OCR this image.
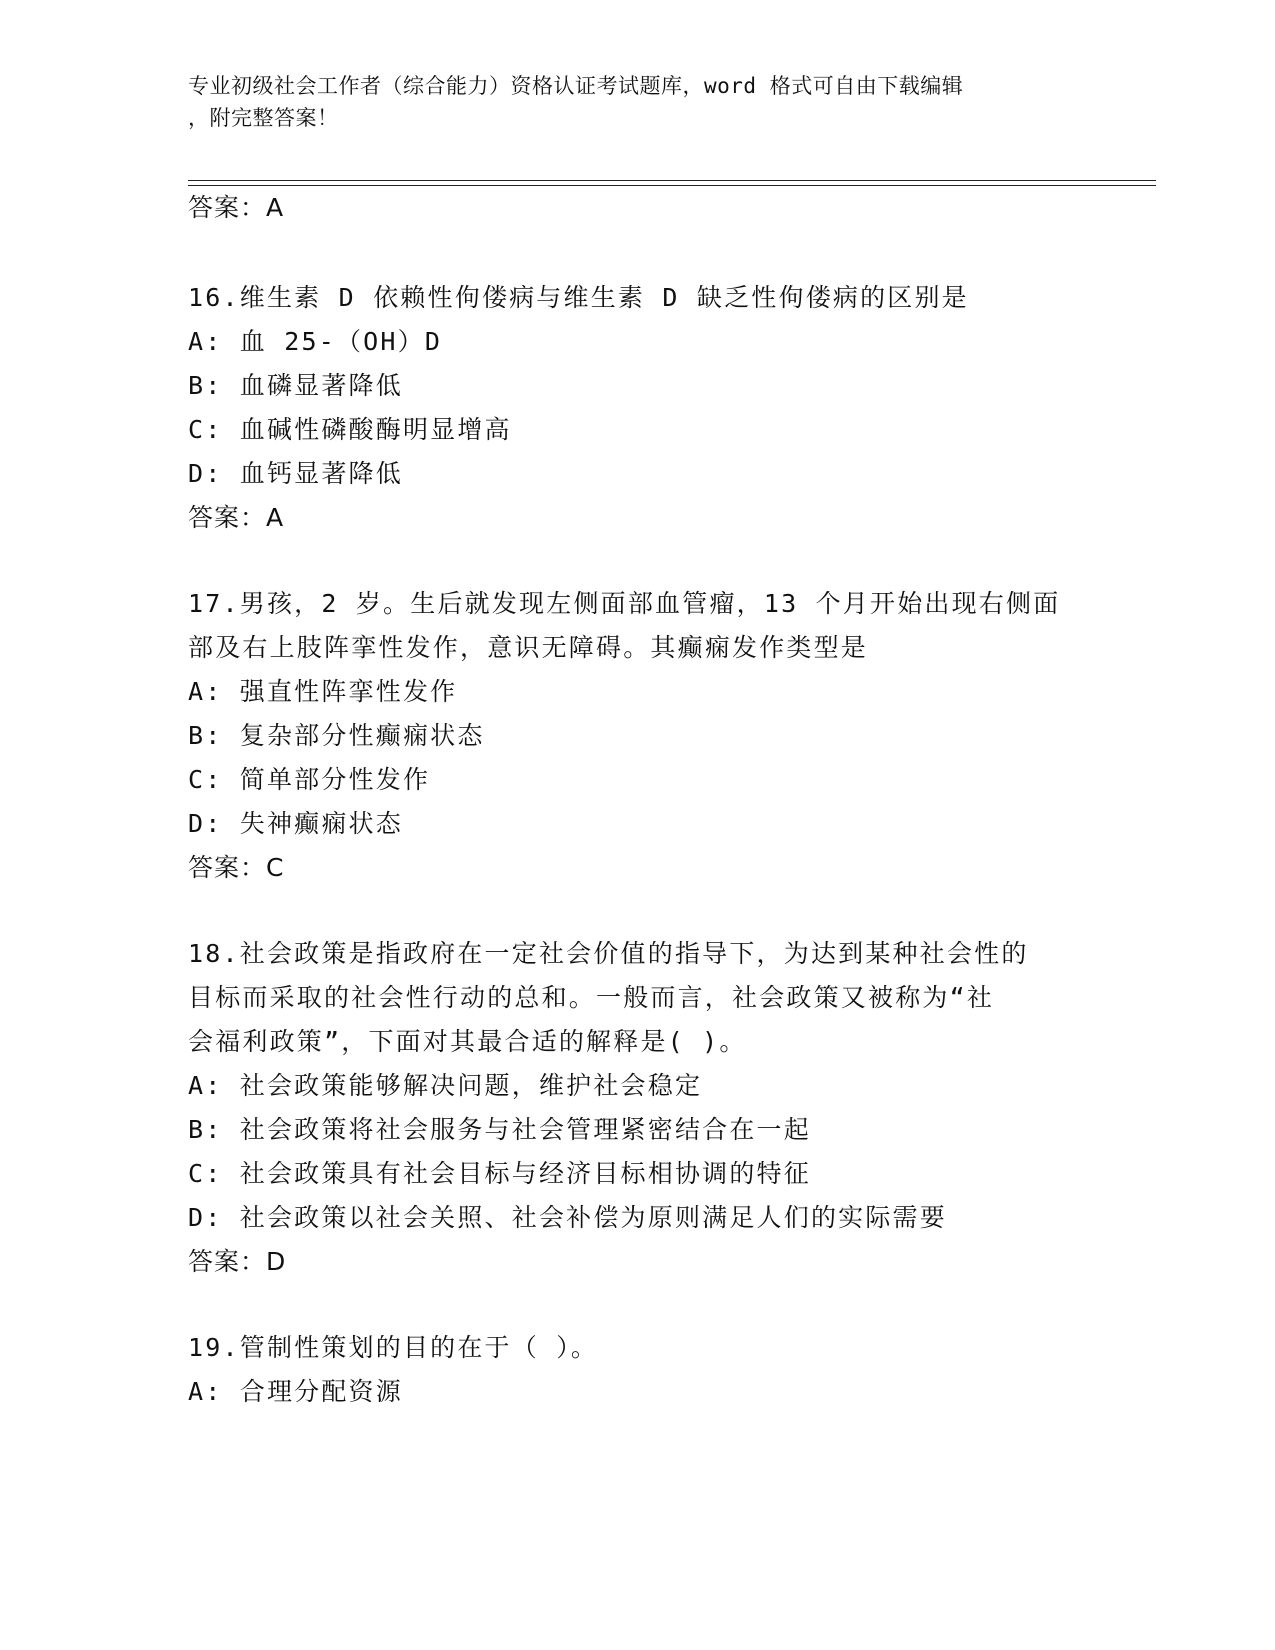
专业初级社会工作者（综合能力）资格认证考试题库，word 格式可自由下载编辑
，附完整答案！
答案：A
16.维生素 D 依赖性佝偻病与维生素 D 缺乏性佝偻病的区别是
A: 血 25-（OH）D
B: 血磷显著降低
C: 血碱性磷酸酶明显增高
D: 血钙显著降低
答案：A
17.男孩，2 岁。生后就发现左侧面部血管瘤，13 个月开始出现右侧面
部及右上肢阵挛性发作，意识无障碍。其癫痫发作类型是
A: 强直性阵挛性发作
B: 复杂部分性癫痫状态
C: 简单部分性发作
D: 失神癫痫状态
答案：C
18.社会政策是指政府在一定社会价值的指导下，为达到某种社会性的
目标而采取的社会性行动的总和。一般而言，社会政策又被称为“社
会福利政策”，下面对其最合适的解释是( )。
A: 社会政策能够解决问题，维护社会稳定
B: 社会政策将社会服务与社会管理紧密结合在一起
C: 社会政策具有社会目标与经济目标相协调的特征
D: 社会政策以社会关照、社会补偿为原则满足人们的实际需要
答案：D
19.管制性策划的目的在于（ ）。
A: 合理分配资源
